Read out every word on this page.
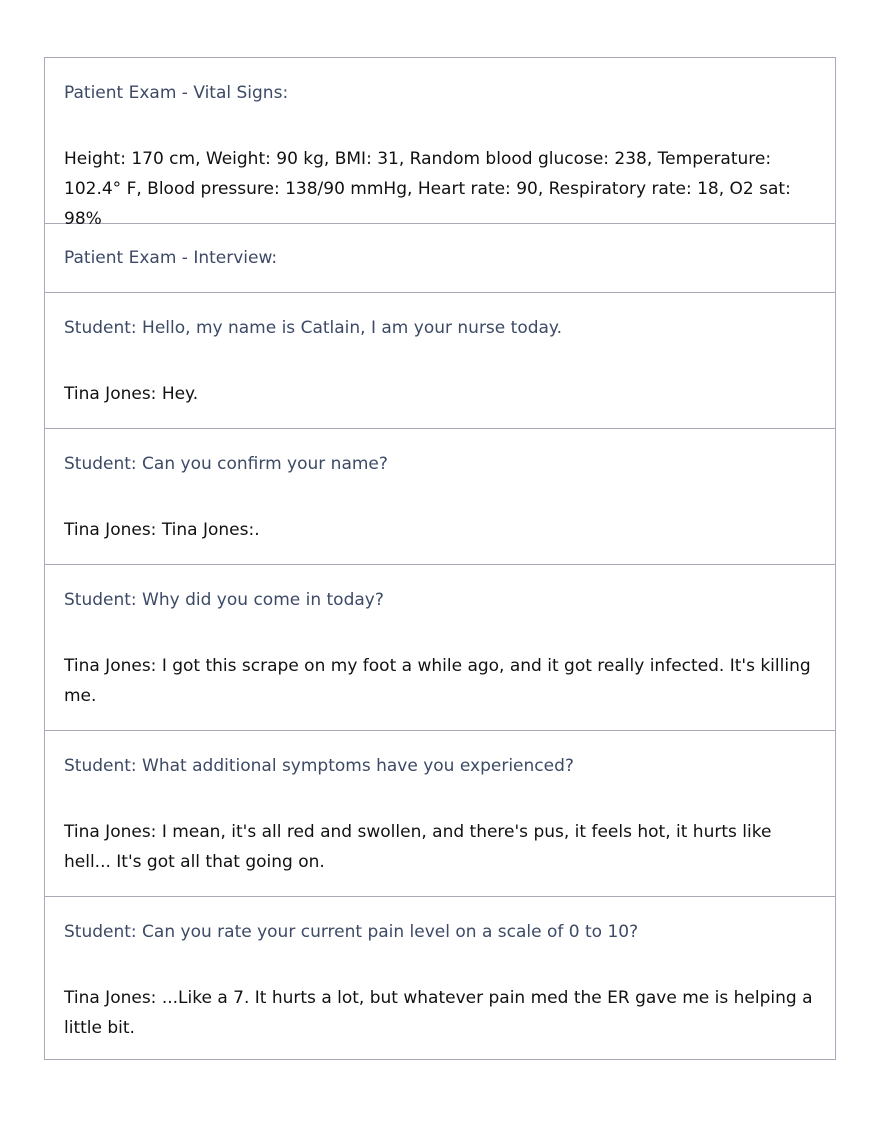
Patient Exam - Vital Signs:
Height: 170 cm, Weight: 90 kg, BMI: 31, Random blood glucose: 238, Temperature: 102.4° F, Blood pressure: 138/90 mmHg, Heart rate: 90, Respiratory rate: 18, O2 sat: 98%
Patient Exam - Interview:
Student: Hello, my name is Catlain, I am your nurse today.
Tina Jones: Hey.
Student: Can you confirm your name?
Tina Jones: Tina Jones:.
Student: Why did you come in today?
Tina Jones: I got this scrape on my foot a while ago, and it got really infected. It's killing me.
Student: What additional symptoms have you experienced?
Tina Jones: I mean, it's all red and swollen, and there's pus, it feels hot, it hurts like hell... It's got all that going on.
Student: Can you rate your current pain level on a scale of 0 to 10?
Tina Jones: ...Like a 7. It hurts a lot, but whatever pain med the ER gave me is helping a little bit.
